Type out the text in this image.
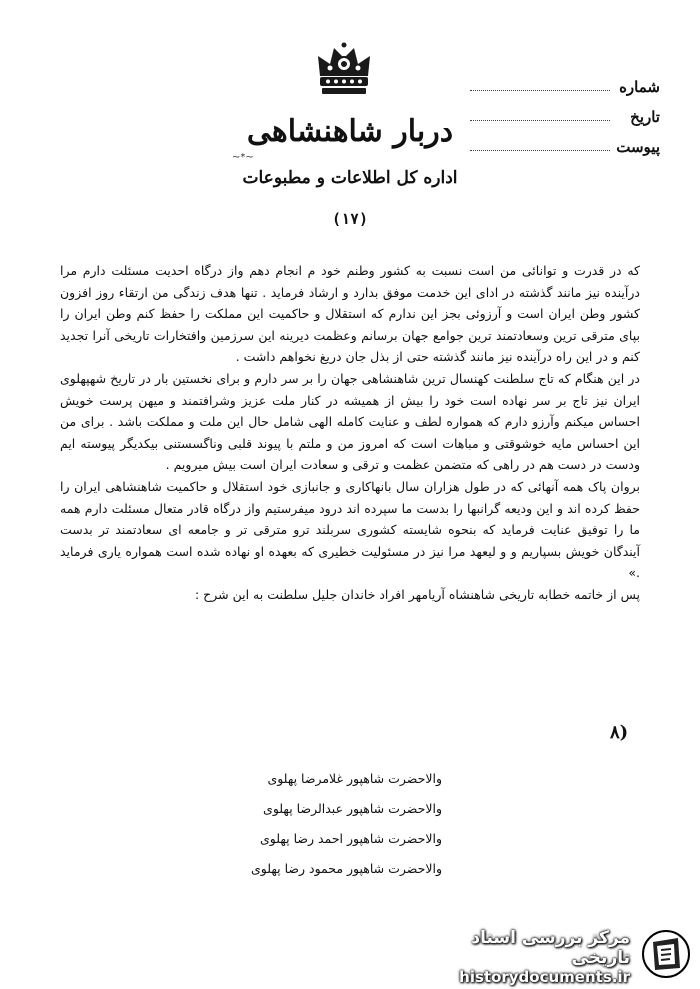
شماره
تاریخ
پیوست
دربار شاهنشاهی
~*~
اداره کل اطلاعات و مطبوعات
(۱۷)

که در قدرت و توانائی من است نسبت به کشور وطنم خود م انجام دهم واز درگاه احدیت مسئلت دارم مرا درآینده نیز مانند گذشته در ادای این خدمت موفق بدارد و ارشاد فرماید . تنها هدف زندگی من ارتقاء روز افزون کشور وطن ایران است و آرزوئی بجز این ندارم که استقلال و حاکمیت این مملکت را حفظ کنم وطن ایران را بپای مترقی ترین وسعادتمند ترین جوامع جهان برسانم وعظمت دیرینه این سرزمین وافتخارات تاریخی آنرا تجدید کنم و در این راه درآینده نیز مانند گذشته حتی از بذل جان دریغ نخواهم داشت .

در این هنگام که تاج سلطنت کهنسال ترین شاهنشاهی جهان را بر سر دارم و برای نخستین بار در تاریخ شهپهلوی ایران نیز تاج بر سر نهاده است خود را بیش از همیشه در کنار ملت عزیز وشرافتمند و میهن پرست خویش احساس میکنم وآرزو دارم که همواره لطف و عنایت کامله الهی شامل حال این ملت و مملکت باشد . برای من این احساس مایه خوشوقتی و مباهات است که امروز من و ملتم با پیوند قلبی وناگسستنی بیکدیگر پیوسته ایم ودست در دست هم در راهی که متضمن عظمت و ترقی و سعادت ایران است بیش میرویم .

بروان پاک همه آنهائی که در طول هزاران سال بانهاکاری و جانبازی خود استقلال و حاکمیت شاهنشاهی ایران را حفظ کرده اند و این ودیعه گرانبها را بدست ما سپرده اند درود میفرستیم واز درگاه قادر متعال مسئلت دارم همه ما را توفیق عنایت فرماید که بنحوه شایسته کشوری سربلند ترو مترقی تر و جامعه ای سعادتمند تر بدست آیندگان خویش بسپاریم و و لیعهد مرا نیز در مسئولیت خطیری که بعهده او نهاده شده است همواره یاری فرماید .»

پس از خاتمه خطابه تاریخی شاهنشاه آریامهر افراد خاندان جلیل سلطنت به این شرح :

۸)
والاحضرت شاهپور غلامرضا پهلوی
والاحضرت شاهپور عبدالرضا پهلوی
والاحضرت شاهپور احمد رضا پهلوی
والاحضرت شاهپور محمود رضا پهلوی
مرکز بررسی اسناد تاریخی
historydocuments.ir
